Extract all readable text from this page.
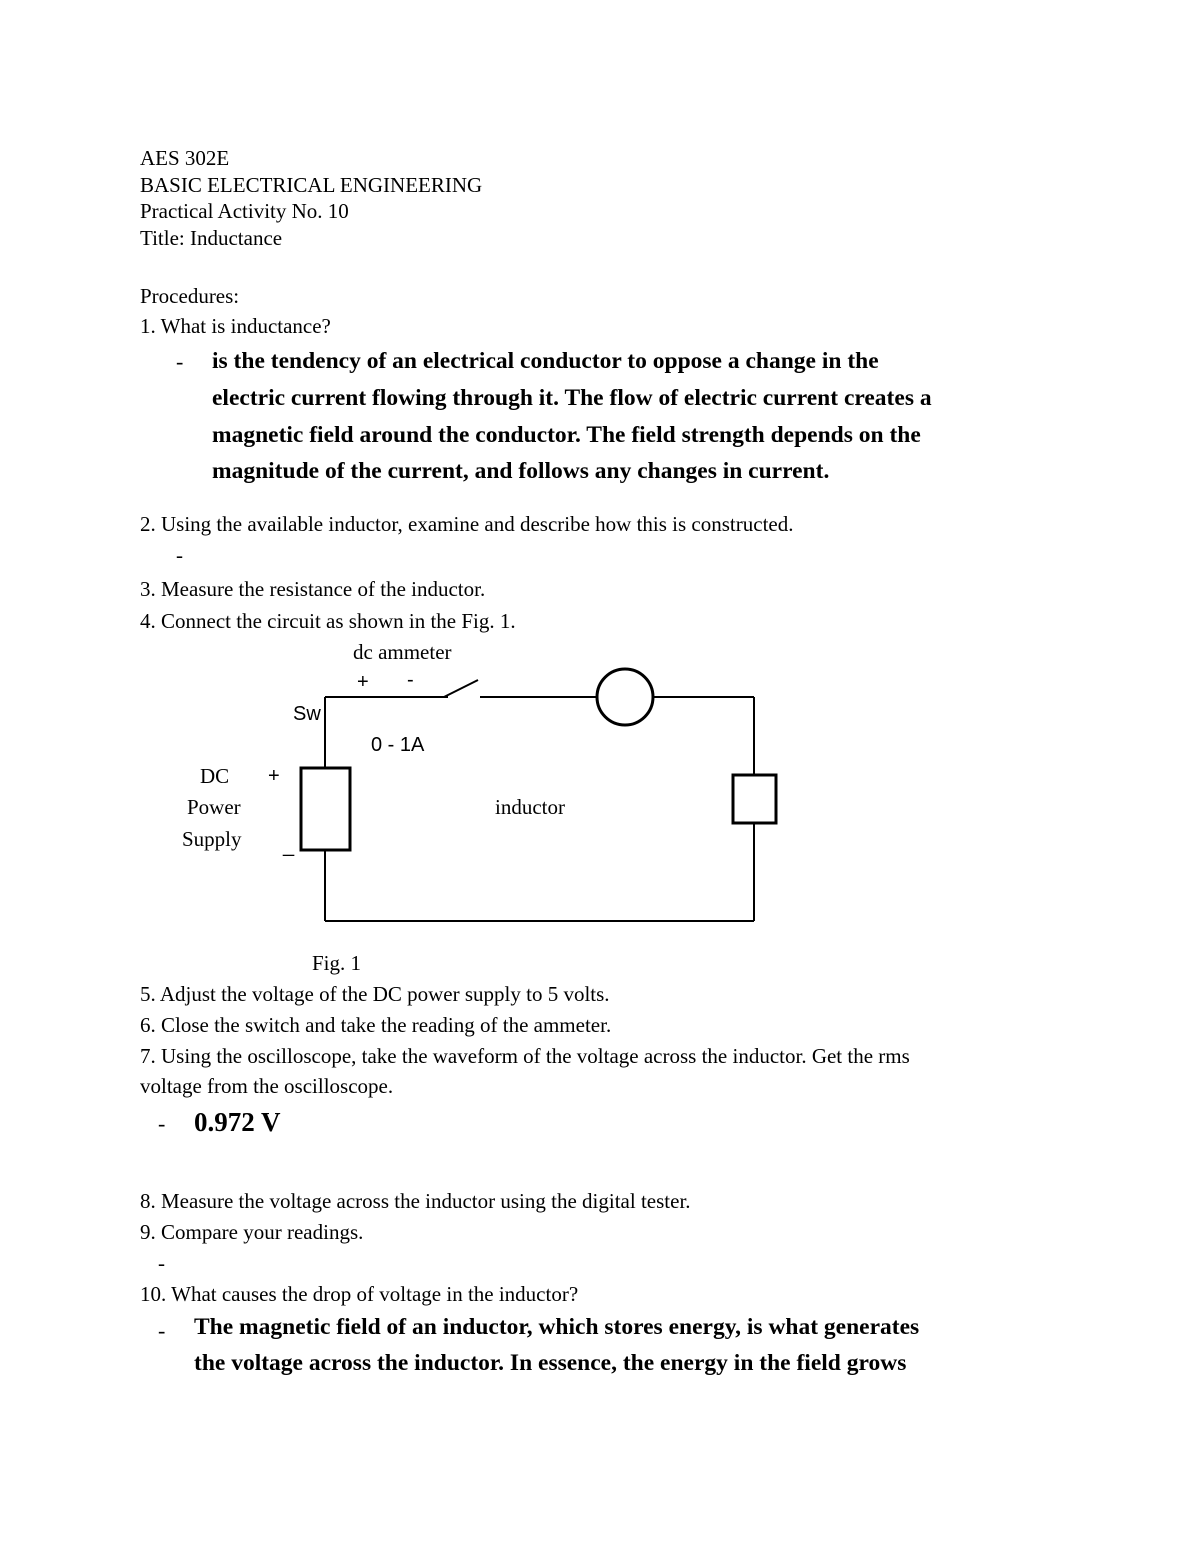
AES 302E
BASIC ELECTRICAL ENGINEERING
Practical Activity No. 10
Title: Inductance
Procedures:
1. What is inductance?
- is the tendency of an electrical conductor to oppose a change in the
electric current flowing through it. The flow of electric current creates a
magnetic field around the conductor. The field strength depends on the
magnitude of the current, and follows any changes in current.
2. Using the available inductor, examine and describe how this is constructed.
-
3. Measure the resistance of the inductor.
4. Connect the circuit as shown in the Fig. 1.
dc ammeter
+ -
Sw
0 - 1A
DC +
Power
Supply _
inductor
Fig. 1
5. Adjust the voltage of the DC power supply to 5 volts.
6. Close the switch and take the reading of the ammeter.
7. Using the oscilloscope, take the waveform of the voltage across the inductor. Get the rms
voltage from the oscilloscope.
- 0.972 V
8. Measure the voltage across the inductor using the digital tester.
9. Compare your readings.
-
10. What causes the drop of voltage in the inductor?
- The magnetic field of an inductor, which stores energy, is what generates
the voltage across the inductor. In essence, the energy in the field grows
